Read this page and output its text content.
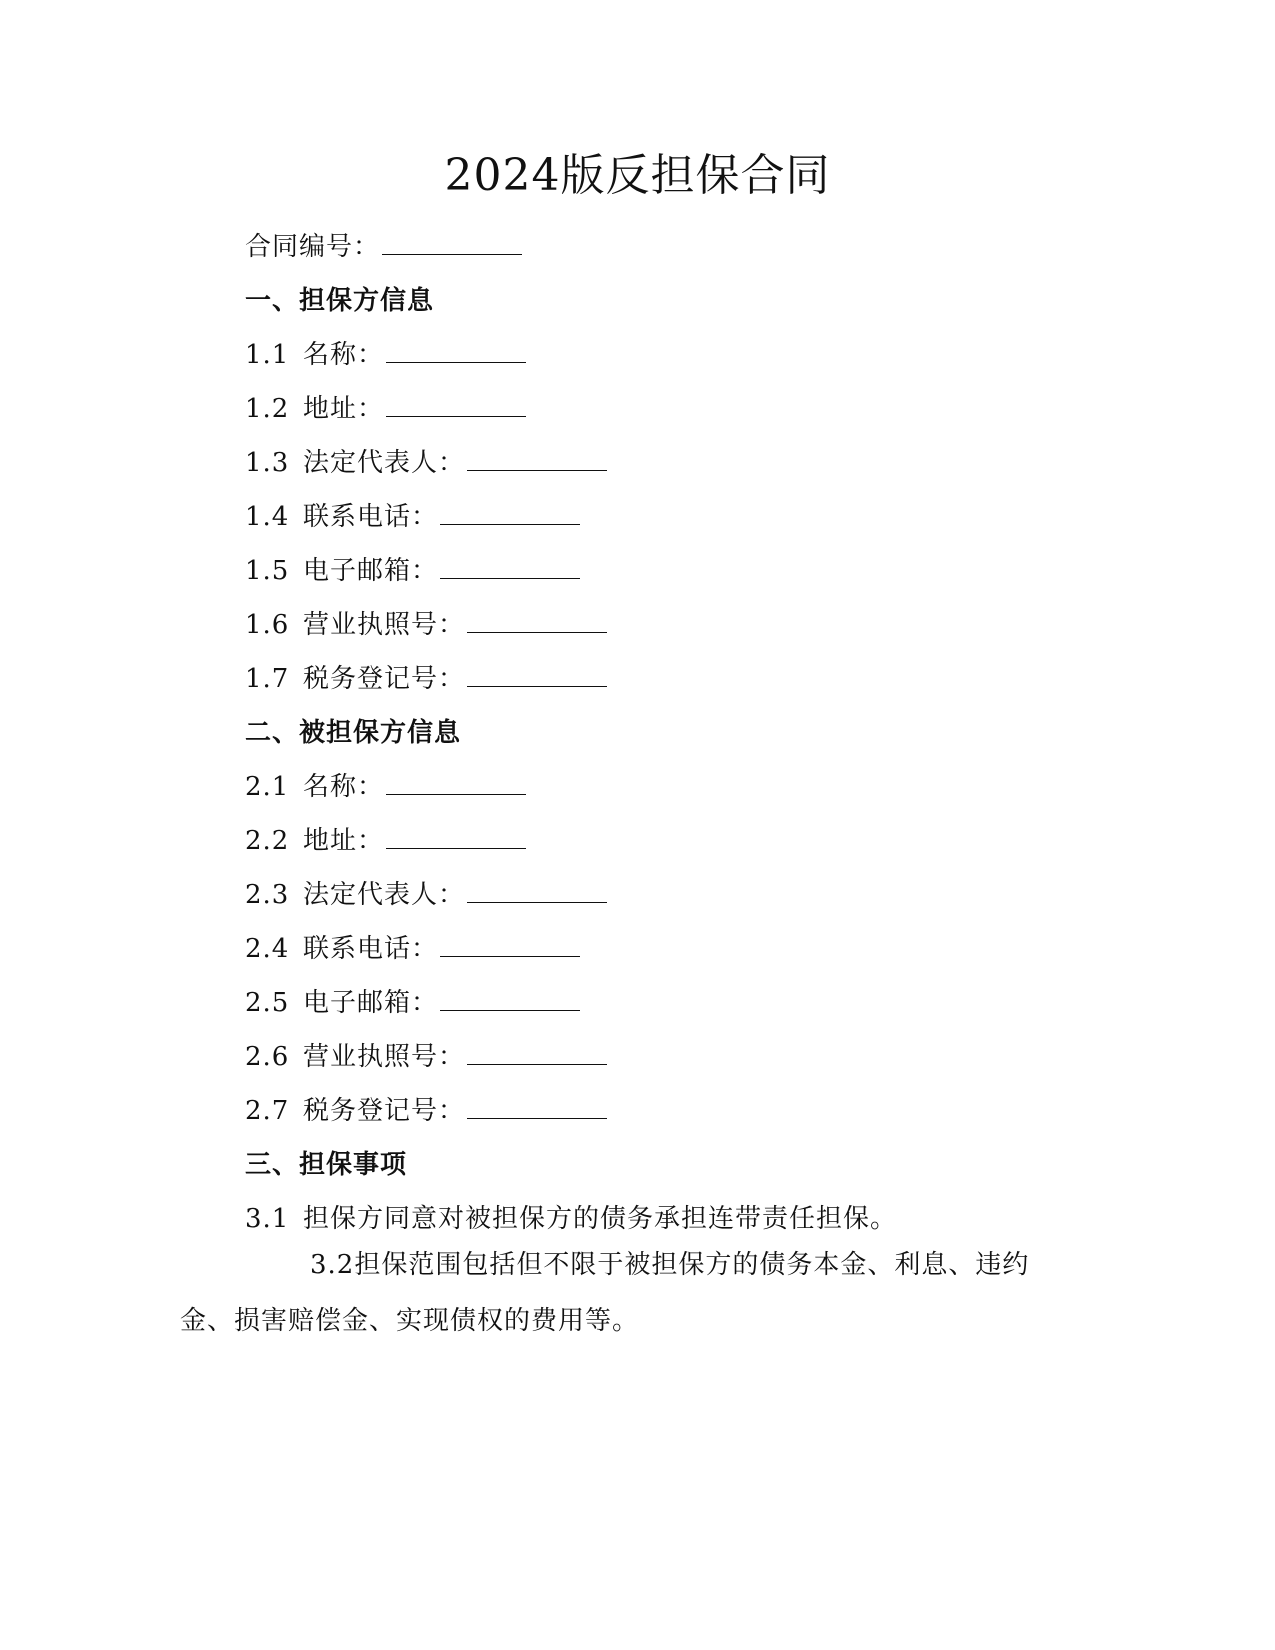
2024版反担保合同
合同编号：
一、担保方信息
1.1 名称：
1.2 地址：
1.3 法定代表人：
1.4 联系电话：
1.5 电子邮箱：
1.6 营业执照号：
1.7 税务登记号：
二、被担保方信息
2.1 名称：
2.2 地址：
2.3 法定代表人：
2.4 联系电话：
2.5 电子邮箱：
2.6 营业执照号：
2.7 税务登记号：
三、担保事项
3.1 担保方同意对被担保方的债务承担连带责任担保。
3.2担保范围包括但不限于被担保方的债务本金、利息、违约金、损害赔偿金、实现债权的费用等。
